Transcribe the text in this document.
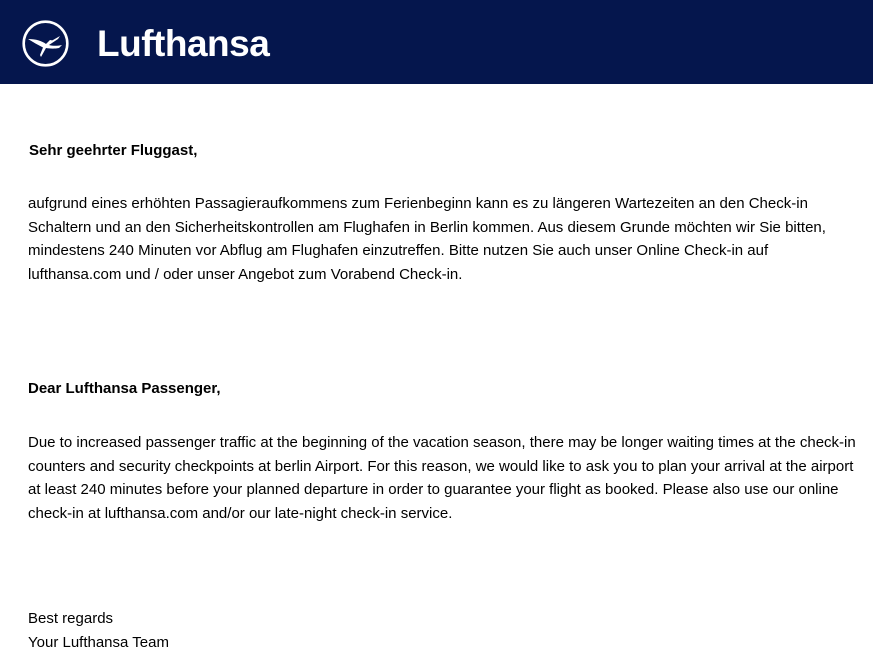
Lufthansa
Sehr geehrter Fluggast,
aufgrund eines erhöhten Passagieraufkommens zum Ferienbeginn kann es zu längeren Wartezeiten an den Check-in Schaltern und an den Sicherheitskontrollen am Flughafen in Berlin kommen. Aus diesem Grunde möchten wir Sie bitten, mindestens 240 Minuten vor Abflug am Flughafen einzutreffen. Bitte nutzen Sie auch unser Online Check-in auf lufthansa.com und / oder unser Angebot zum Vorabend Check-in.
Dear Lufthansa Passenger,
Due to increased passenger traffic at the beginning of the vacation season, there may be longer waiting times at the check-in counters and security checkpoints at berlin Airport. For this reason, we would like to ask you to plan your arrival at the airport at least 240 minutes before your planned departure in order to guarantee your flight as booked. Please also use our online check-in at lufthansa.com and/or our late-night check-in service.
Best regards
Your Lufthansa Team
